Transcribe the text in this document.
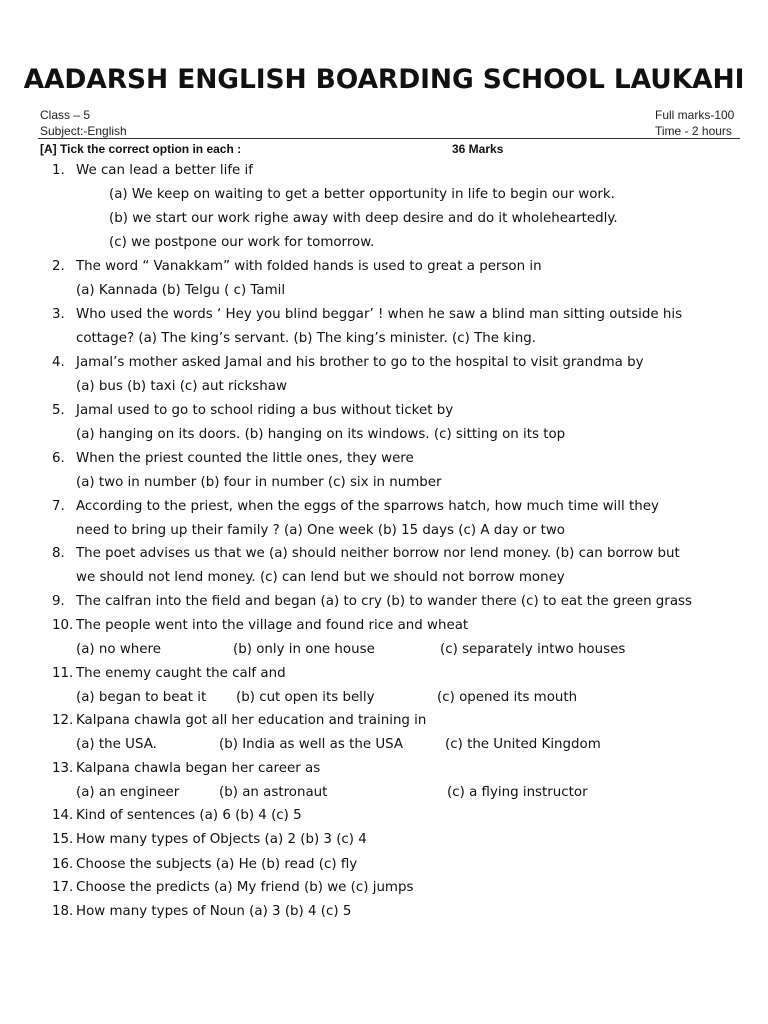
AADARSH ENGLISH BOARDING SCHOOL LAUKAHI
Class – 5
Subject:-English
Full marks-100
Time - 2 hours
[A] Tick the correct option in each :	36 Marks
1. We can lead a better life if
(a) We keep on waiting to get a better opportunity in life to begin our work.
(b) we start our work righe away with deep desire and do it wholeheartedly.
(c) we postpone our work for tomorrow.
2. The word “ Vanakkam” with folded hands is used to great a person in
(a) Kannada (b) Telgu ( c) Tamil
3. Who used the words ‘ Hey you blind beggar’ ! when he saw a blind man sitting outside his
cottage? (a) The king’s servant. (b) The king’s minister. (c) The king.
4. Jamal’s mother asked Jamal and his brother to go to the hospital to visit grandma by
(a) bus (b) taxi (c) aut rickshaw
5. Jamal used to go to school riding a bus without ticket by
(a) hanging on its doors. (b) hanging on its windows. (c) sitting on its top
6. When the priest counted the little ones, they were
(a) two in number (b) four in number (c) six in number
7. According to the priest, when the eggs of the sparrows hatch, how much time will they
need to bring up their family ? (a) One week (b) 15 days (c) A day or two
8. The poet advises us that we (a) should neither borrow nor lend money. (b) can borrow but
we should not lend money. (c) can lend but we should not borrow money
9. The calfran into the field and began (a) to cry (b) to wander there (c) to eat the green grass
10. The people went into the village and found rice and wheat
(a) no where	(b) only in one house	(c) separately intwo houses
11. The enemy caught the calf and
(a) began to beat it (b) cut open its belly	(c) opened its mouth
12. Kalpana chawla got all her education and training in
(a) the USA.	(b) India as well as the USA	(c) the United Kingdom
13. Kalpana chawla began her career as
(a) an engineer	(b) an astronaut	(c) a flying instructor
14. Kind of sentences (a) 6 (b) 4 (c) 5
15. How many types of Objects (a) 2 (b) 3 (c) 4
16. Choose the subjects (a) He (b) read (c) fly
17. Choose the predicts (a) My friend (b) we (c) jumps
18. How many types of Noun (a) 3 (b) 4 (c) 5
